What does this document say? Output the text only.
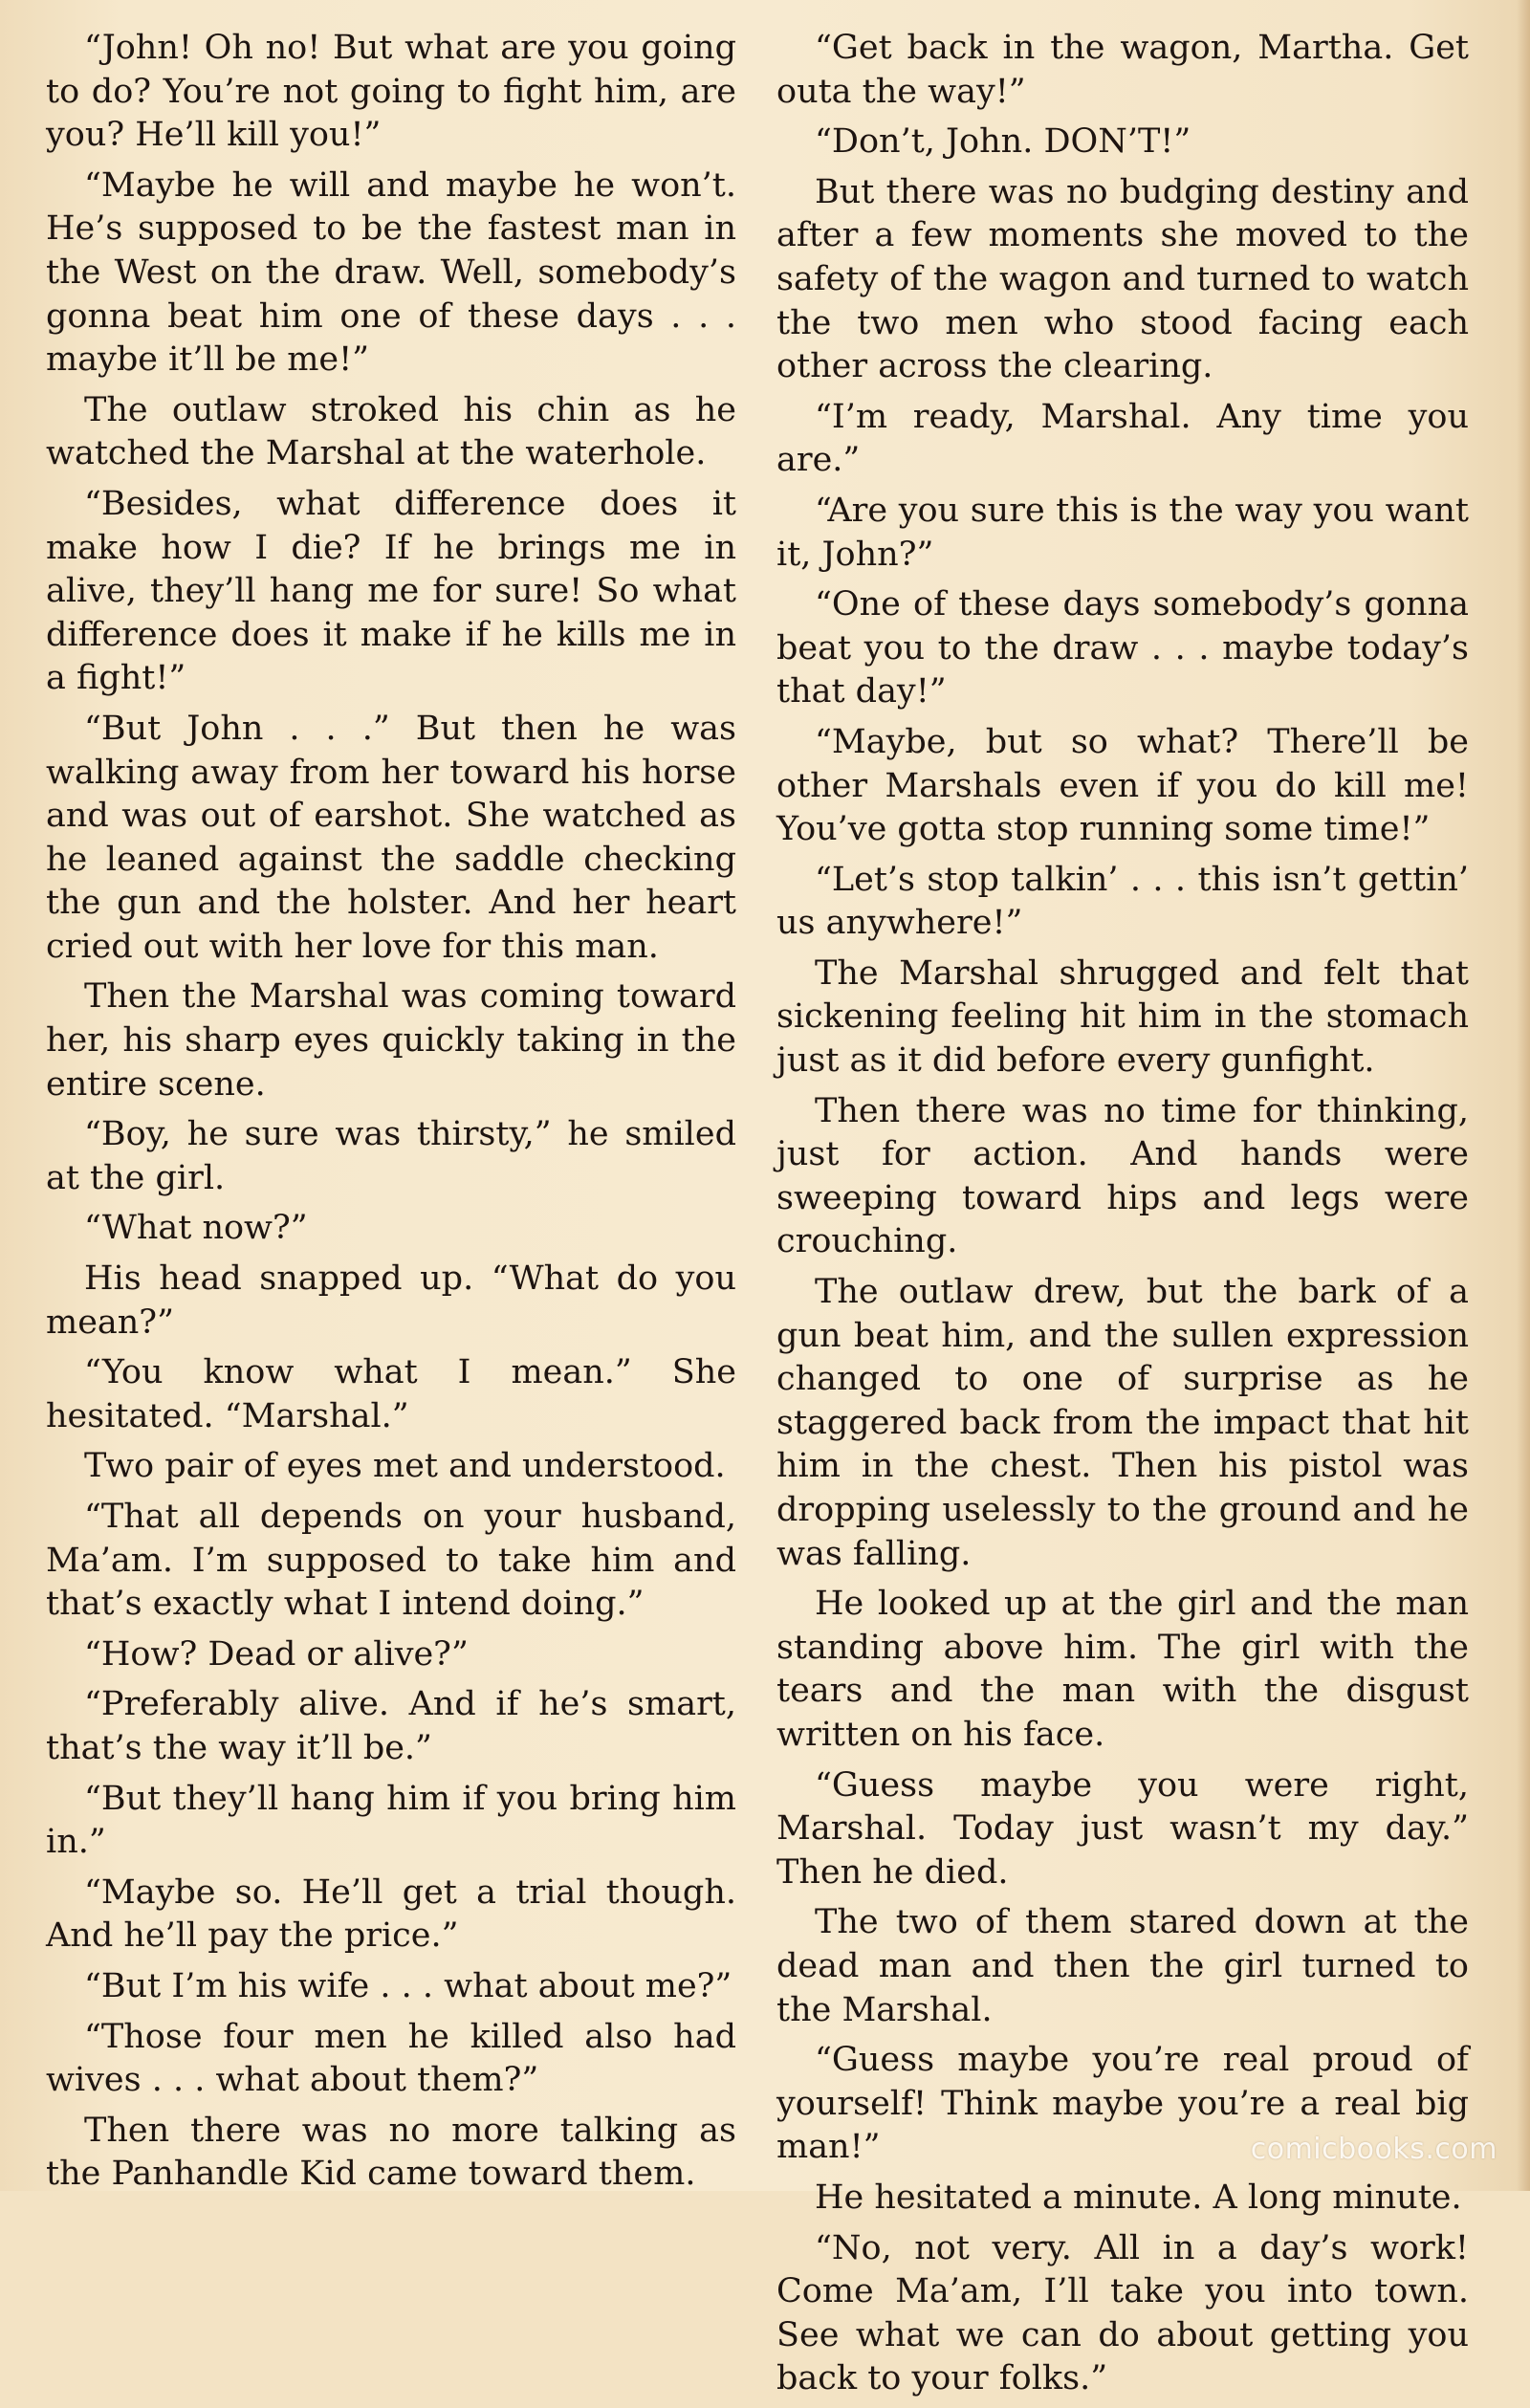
“John! Oh no! But what are you going to do? You’re not going to fight him, are you? He’ll kill you!”

“Maybe he will and maybe he won’t. He’s supposed to be the fastest man in the West on the draw. Well, somebody’s gonna beat him one of these days . . . maybe it’ll be me!”

The outlaw stroked his chin as he watched the Marshal at the waterhole.

“Besides, what difference does it make how I die? If he brings me in alive, they’ll hang me for sure! So what difference does it make if he kills me in a fight!”

“But John . . .” But then he was walking away from her toward his horse and was out of earshot. She watched as he leaned against the saddle checking the gun and the holster. And her heart cried out with her love for this man.

Then the Marshal was coming toward her, his sharp eyes quickly taking in the entire scene.

“Boy, he sure was thirsty,” he smiled at the girl.

“What now?”

His head snapped up. “What do you mean?”

“You know what I mean.” She hesitated. “Marshal.”

Two pair of eyes met and understood.

“That all depends on your husband, Ma’am. I’m supposed to take him and that’s exactly what I intend doing.”

“How? Dead or alive?”

“Preferably alive. And if he’s smart, that’s the way it’ll be.”

“But they’ll hang him if you bring him in.”

“Maybe so. He’ll get a trial though. And he’ll pay the price.”

“But I’m his wife . . . what about me?”

“Those four men he killed also had wives . . . what about them?”

Then there was no more talking as the Panhandle Kid came toward them.

“Get back in the wagon, Martha. Get outa the way!”

“Don’t, John. DON’T!”

But there was no budging destiny and after a few moments she moved to the safety of the wagon and turned to watch the two men who stood facing each other across the clearing.

“I’m ready, Marshal. Any time you are.”

“Are you sure this is the way you want it, John?”

“One of these days somebody’s gonna beat you to the draw . . . maybe today’s that day!”

“Maybe, but so what? There’ll be other Marshals even if you do kill me! You’ve gotta stop running some time!”

“Let’s stop talkin’ . . . this isn’t gettin’ us anywhere!”

The Marshal shrugged and felt that sickening feeling hit him in the stomach just as it did before every gunfight.

Then there was no time for thinking, just for action. And hands were sweeping toward hips and legs were crouching.

The outlaw drew, but the bark of a gun beat him, and the sullen expression changed to one of surprise as he staggered back from the impact that hit him in the chest. Then his pistol was dropping uselessly to the ground and he was falling.

He looked up at the girl and the man standing above him. The girl with the tears and the man with the disgust written on his face.

“Guess maybe you were right, Marshal. Today just wasn’t my day.” Then he died.

The two of them stared down at the dead man and then the girl turned to the Marshal.

“Guess maybe you’re real proud of yourself! Think maybe you’re a real big man!”

He hesitated a minute. A long minute.

“No, not very. All in a day’s work! Come Ma’am, I’ll take you into town. See what we can do about getting you back to your folks.”

comicbooks.com
